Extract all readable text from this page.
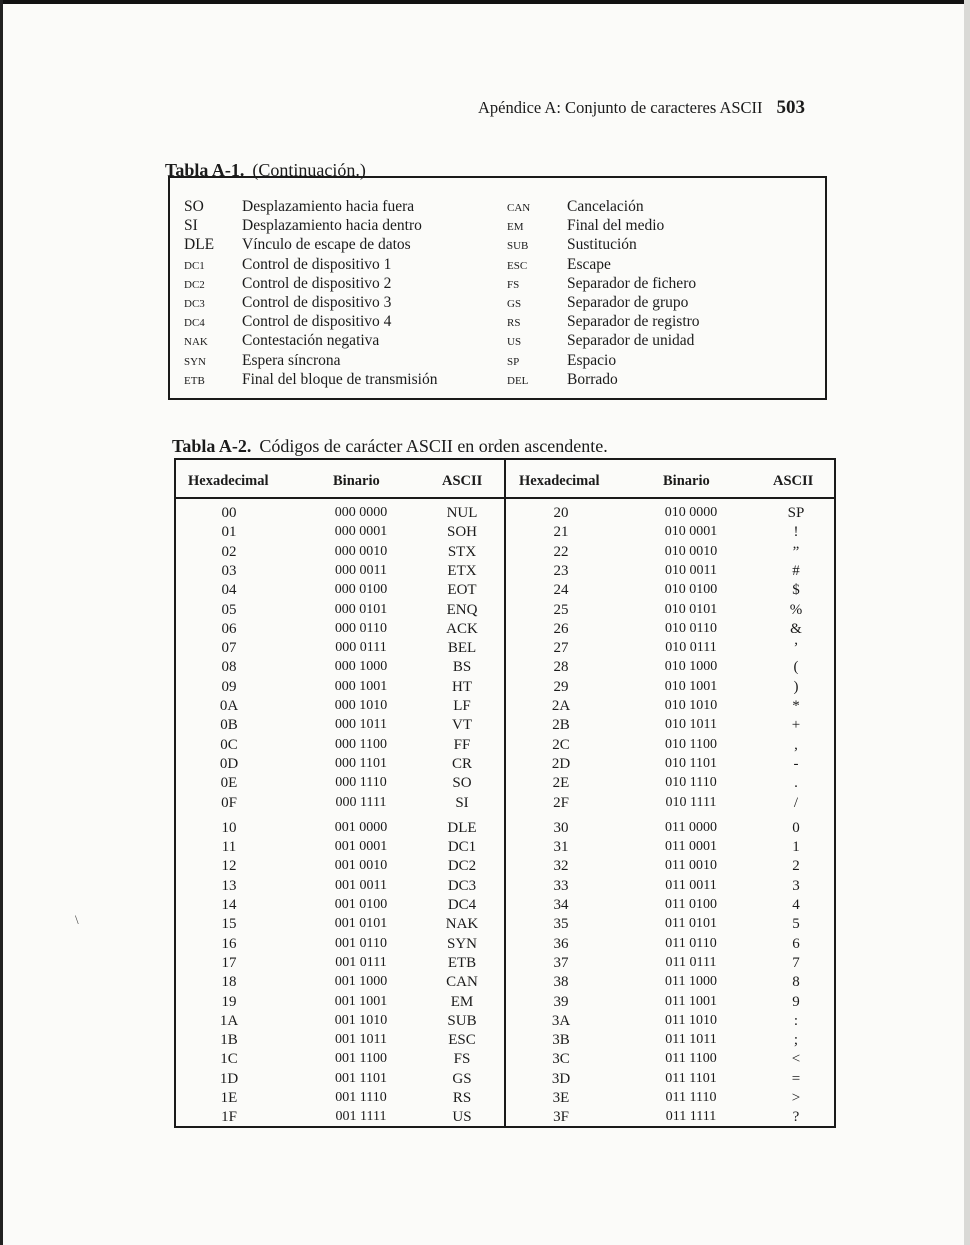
Apéndice A: Conjunto de caracteres ASCII 503
Tabla A-1. (Continuación.)
SO Desplazamiento hacia fuera	CAN Cancelación
SI	Desplazamiento hacia dentro	EM	Final del medio
DLE Vínculo de escape de datos	SUB Sustitución
DC1 Control de dispositivo 1	ESC	Escape
DC2 Control de dispositivo 2	FS	Separador de fichero
DC3 Control de dispositivo 3	GS	Separador de grupo
DC4 Control de dispositivo 4	RS	Separador de registro
NAK Contestación negativa	US	Separador de unidad
SYN Espera síncrona	SP	Espacio
ETB Final del bloque de transmisión	DEL Borrado
Tabla A-2. Códigos de carácter ASCII en orden ascendente.
Hexadecimal	Binario	ASCII	Hexadecimal	Binario	ASCII
00	000 0000	NUL	20	010 0000	SP
01	000 0001	SOH	21	010 0001	!
02	000 0010	STX	22	010 0010	”
03	000 0011	ETX	23	010 0011	#
04	000 0100	EOT	24	010 0100	$
05	000 0101	ENQ	25	010 0101	%
06	000 0110	ACK	26	010 0110	&
07	000 0111	BEL	27	010 0111	’
08	000 1000	BS	28	010 1000	(
09	000 1001	HT	29	010 1001	)
0A	000 1010	LF	2A	010 1010	*
0B	000 1011	VT	2B	010 1011	+
0C	000 1100	FF	2C	010 1100	,
0D	000 1101	CR	2D	010 1101	-
0E	000 1110	SO	2E	010 1110	.
0F	000 1111	SI	2F	010 1111	/
10	001 0000	DLE	30	011 0000	0
11	001 0001	DC1	31	011 0001	1
12	001 0010	DC2	32	011 0010	2
13	001 0011	DC3	33	011 0011	3
14	001 0100	DC4	34	011 0100	4
15	001 0101	NAK	35	011 0101	5
16	001 0110	SYN	36	011 0110	6
17	001 0111	ETB	37	011 0111	7
18	001 1000	CAN	38	011 1000	8
19	001 1001	EM	39	011 1001	9
1A	001 1010	SUB	3A	011 1010	:
1B	001 1011	ESC	3B	011 1011	;
1C	001 1100	FS	3C	011 1100	<
1D	001 1101	GS	3D	011 1101	=
1E	001 1110	RS	3E	011 1110	>
1F	001 1111	US	3F	011 1111	?
\
